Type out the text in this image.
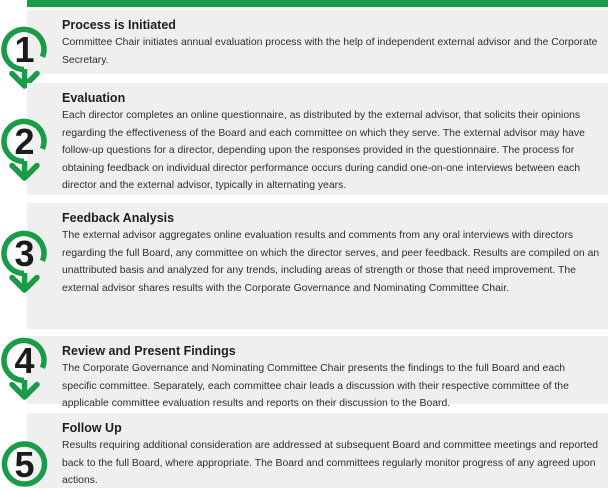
Process is Initiated

Committee Chair initiates annual evaluation process with the help of independent external advisor and the Corporate Secretary.

1
Evaluation

Each director completes an online questionnaire, as distributed by the external advisor, that solicits their opinions regarding the effectiveness of the Board and each committee on which they serve. The external advisor may have follow-up questions for a director, depending upon the responses provided in the questionnaire. The process for obtaining feedback on individual director performance occurs during candid one-on-one interviews between each director and the external advisor, typically in alternating years.

2
Feedback Analysis

The external advisor aggregates online evaluation results and comments from any oral interviews with directors regarding the full Board, any committee on which the director serves, and peer feedback. Results are compiled on an unattributed basis and analyzed for any trends, including areas of strength or those that need improvement. The external advisor shares results with the Corporate Governance and Nominating Committee Chair.

3
Review and Present Findings

The Corporate Governance and Nominating Committee Chair presents the findings to the full Board and each specific committee. Separately, each committee chair leads a discussion with their respective committee of the applicable committee evaluation results and reports on their discussion to the Board.

4
Follow Up

Results requiring additional consideration are addressed at subsequent Board and committee meetings and reported back to the full Board, where appropriate. The Board and committees regularly monitor progress of any agreed upon actions.

5
